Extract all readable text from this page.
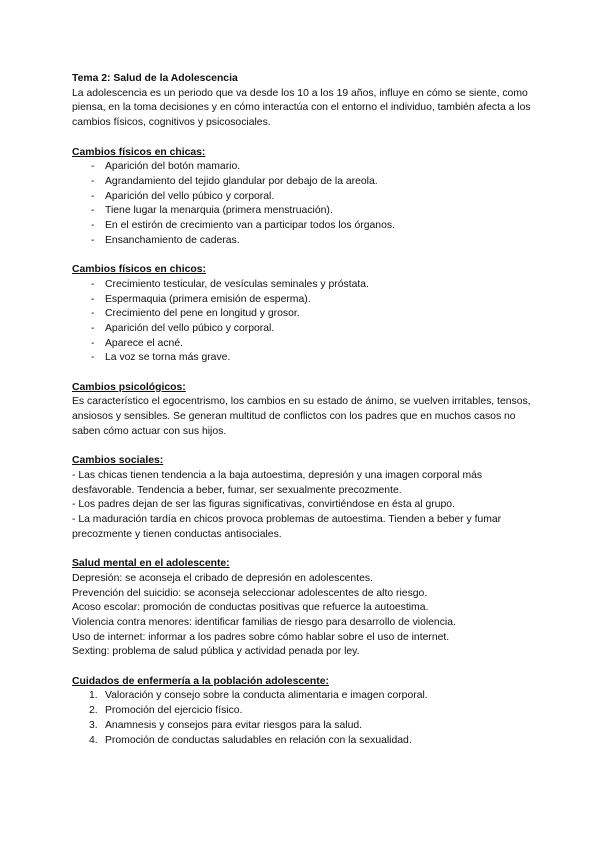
Tema 2: Salud de la Adolescencia
La adolescencia es un periodo que va desde los 10 a los 19 años, influye en cómo se siente, como piensa, en la toma decisiones y en cómo interactúa con el entorno el individuo, también afecta a los cambios físicos, cognitivos y psicosociales.
Cambios físicos en chicas:
- Aparición del botón mamario.
- Agrandamiento del tejido glandular por debajo de la areola.
- Aparición del vello púbico y corporal.
- Tiene lugar la menarquia (primera menstruación).
- En el estirón de crecimiento van a participar todos los órganos.
- Ensanchamiento de caderas.
Cambios físicos en chicos:
- Crecimiento testicular, de vesículas seminales y próstata.
- Espermaquia (primera emisión de esperma).
- Crecimiento del pene en longitud y grosor.
- Aparición del vello púbico y corporal.
- Aparece el acné.
- La voz se torna más grave.
Cambios psicológicos:
Es característico el egocentrismo, los cambios en su estado de ánimo, se vuelven irritables, tensos, ansiosos y sensibles. Se generan multitud de conflictos con los padres que en muchos casos no saben cómo actuar con sus hijos.
Cambios sociales:
- Las chicas tienen tendencia a la baja autoestima, depresión y una imagen corporal más desfavorable. Tendencia a beber, fumar, ser sexualmente precozmente.
- Los padres dejan de ser las figuras significativas, convirtiéndose en ésta al grupo.
- La maduración tardía en chicos provoca problemas de autoestima. Tienden a beber y fumar precozmente y tienen conductas antisociales.
Salud mental en el adolescente:
Depresión: se aconseja el cribado de depresión en adolescentes.
Prevención del suicidio: se aconseja seleccionar adolescentes de alto riesgo.
Acoso escolar: promoción de conductas positivas que refuerce la autoestima.
Violencia contra menores: identificar familias de riesgo para desarrollo de violencia.
Uso de internet: informar a los padres sobre cómo hablar sobre el uso de internet.
Sexting: problema de salud pública y actividad penada por ley.
Cuidados de enfermería a la población adolescente:
1. Valoración y consejo sobre la conducta alimentaria e imagen corporal.
2. Promoción del ejercicio físico.
3. Anamnesis y consejos para evitar riesgos para la salud.
4. Promoción de conductas saludables en relación con la sexualidad.
